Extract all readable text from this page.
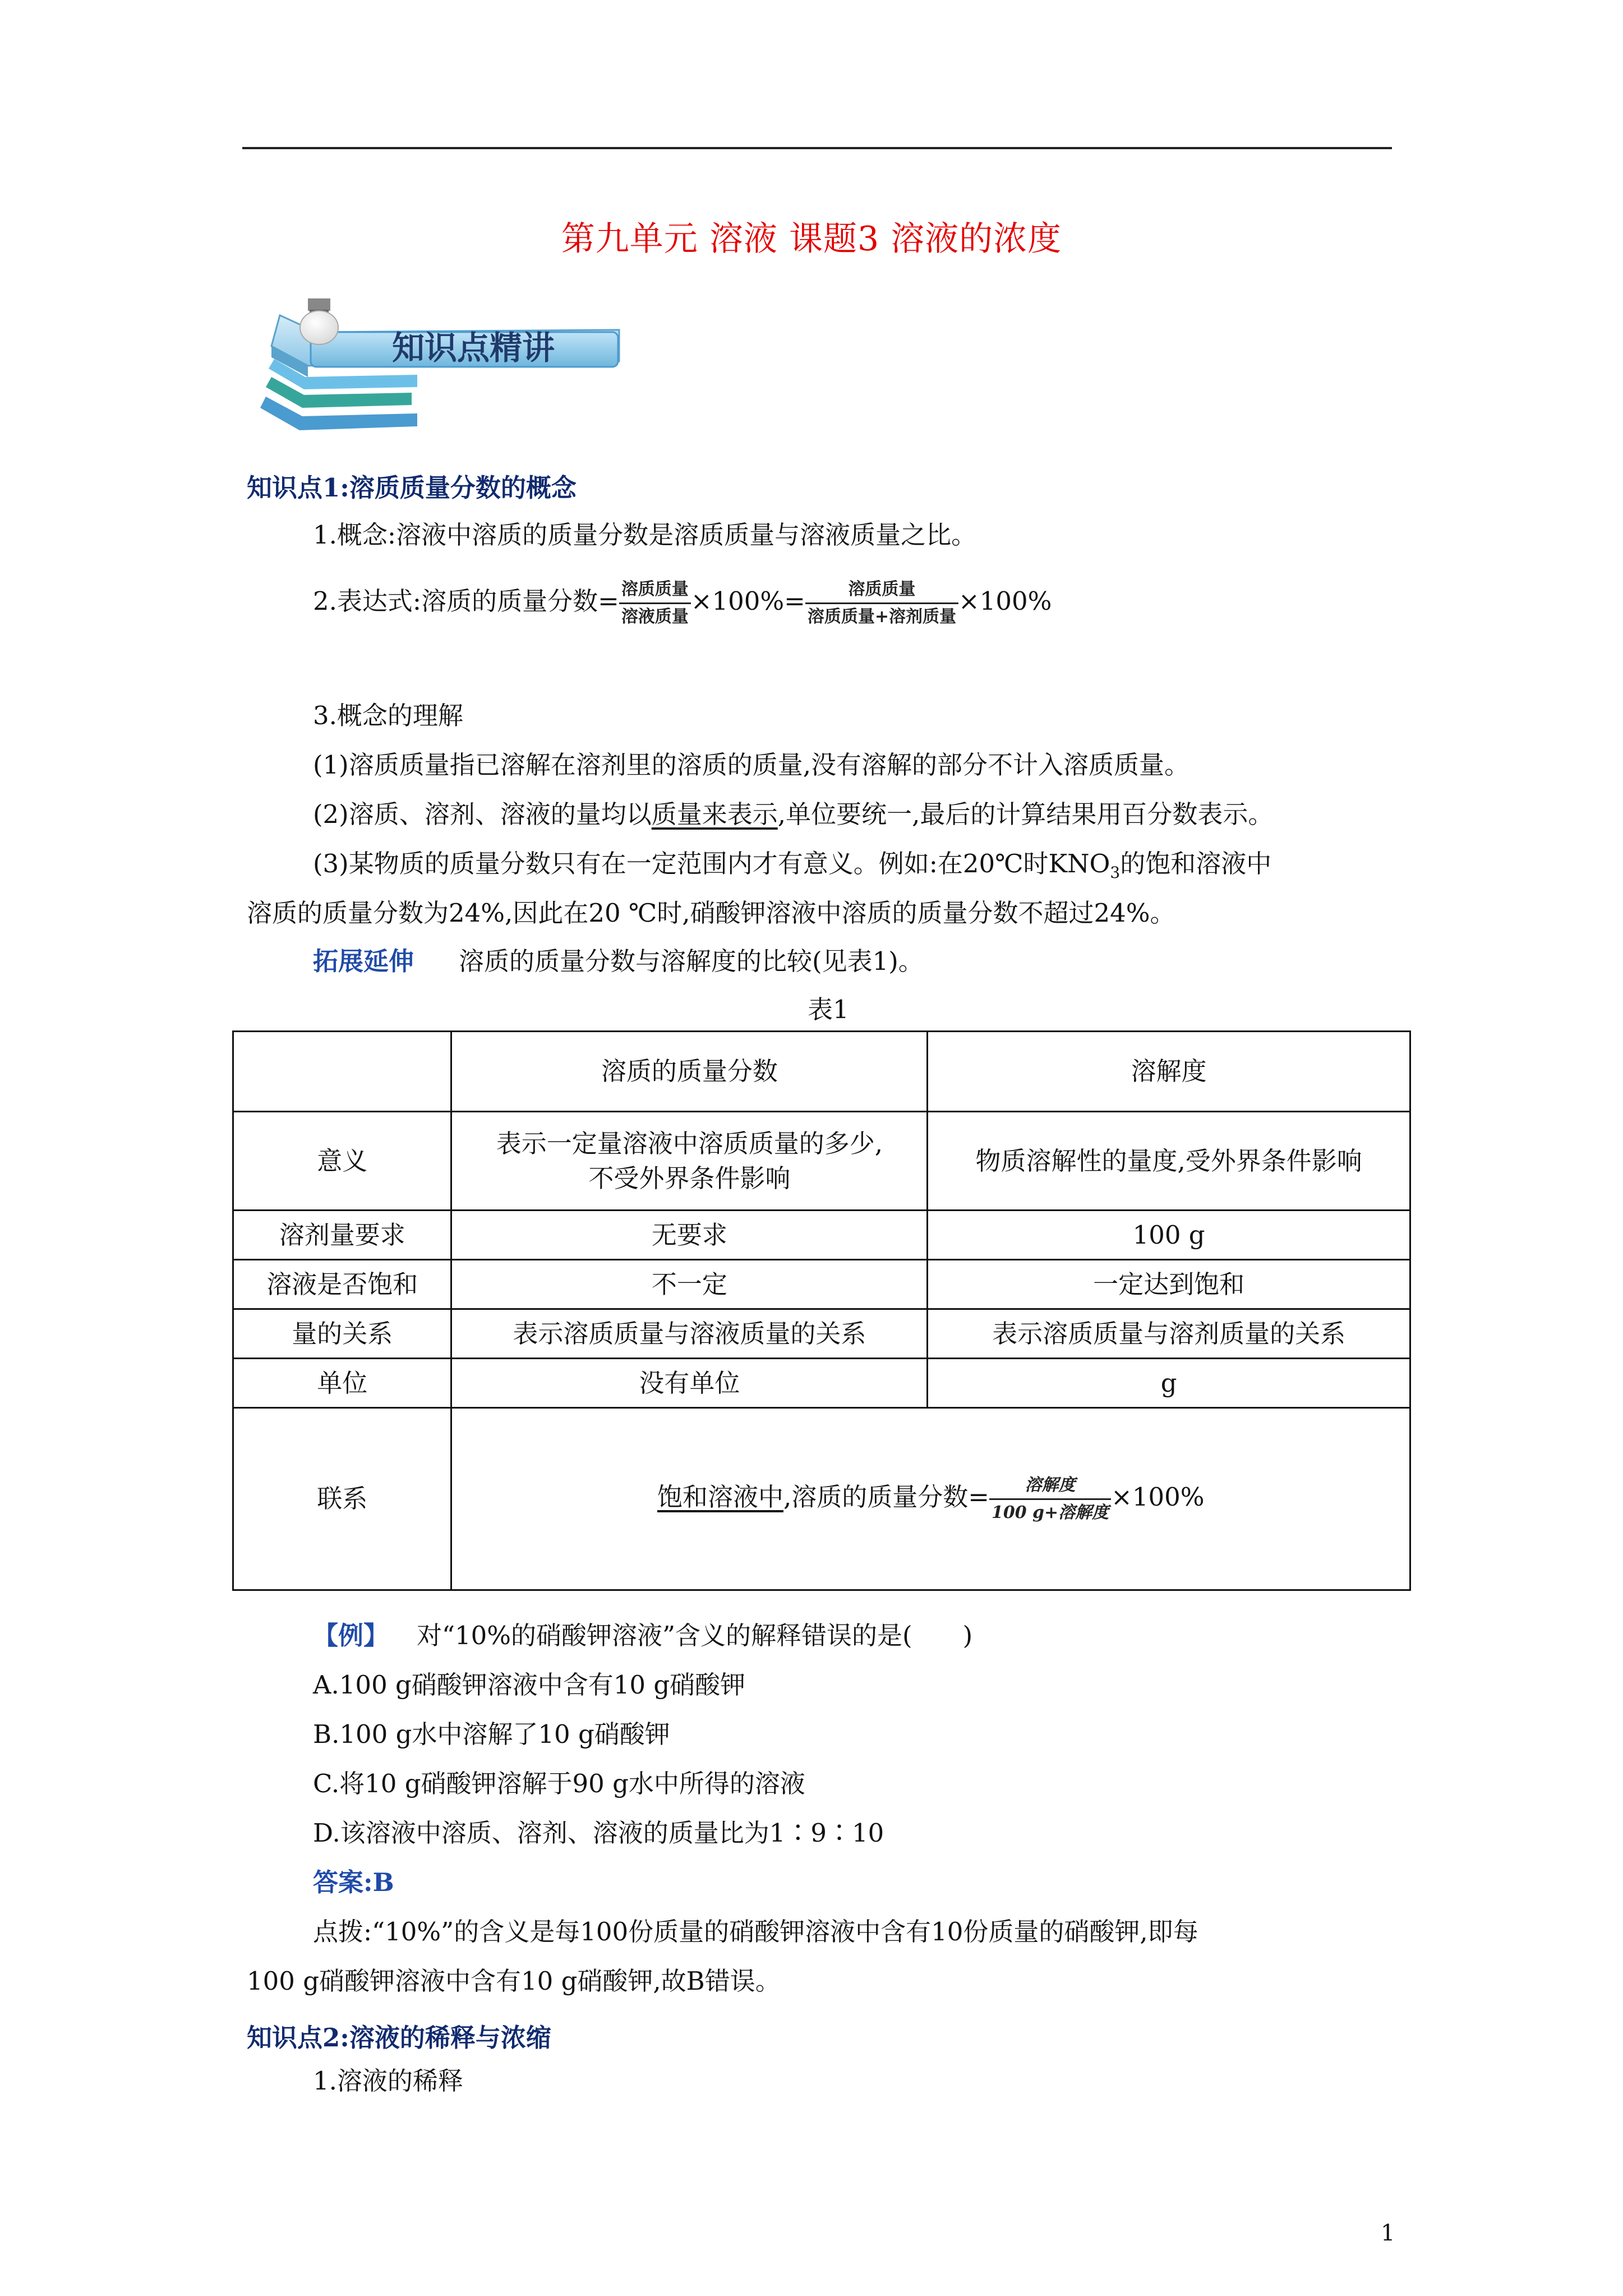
第九单元 溶液 课题3 溶液的浓度
知识点精讲
知识点1:溶质质量分数的概念
1.概念:溶液中溶质的质量分数是溶质质量与溶液质量之比。
2.表达式:溶质的质量分数= $\frac{\text{溶质质量}}{\text{溶液质量}} \times 100\%= \frac{\text{溶质质量}}{\text{溶质质量+溶剂质量}} \times 100\%$
3.概念的理解
(1)溶质质量指已溶解在溶剂里的溶质的质量,没有溶解的部分不计入溶质质量。
(2)溶质、溶剂、溶液的量均以质量来表示,单位要统一,最后的计算结果用百分数表示。
(3)某物质的质量分数只有在一定范围内才有意义。例如:在20℃时$KNO_3$的饱和溶液中
溶质的质量分数为24%,因此在20 ℃时,硝酸钾溶液中溶质的质量分数不超过24%。
拓展延伸 溶质的质量分数与溶解度的比较(见表1)。
表1
	溶质的质量分数	溶解度
意义	表示一定量溶液中溶质质量的多少,
不受外界条件影响	物质溶解性的量度,受外界条件影响
溶剂量要求	无要求	100 g
溶液是否饱和	不一定	一定达到饱和
量的关系	表示溶质质量与溶液质量的关系	表示溶质质量与溶剂质量的关系
单位	没有单位	g
联系	饱和溶液中,溶质的质量分数= $\frac{\text{溶解度}}{\text{100 g+溶解度}} \times 100\%$	
【例】 对“10%的硝酸钾溶液”含义的解释错误的是(　　)
A.100 g硝酸钾溶液中含有10 g硝酸钾
B.100 g水中溶解了10 g硝酸钾
C.将10 g硝酸钾溶解于90 g水中所得的溶液
D.该溶液中溶质、溶剂、溶液的质量比为1∶9∶10
答案:B
点拨:“10%”的含义是每100份质量的硝酸钾溶液中含有10份质量的硝酸钾,即每
100 g硝酸钾溶液中含有10 g硝酸钾,故B错误。
知识点2:溶液的稀释与浓缩
1.溶液的稀释
1
